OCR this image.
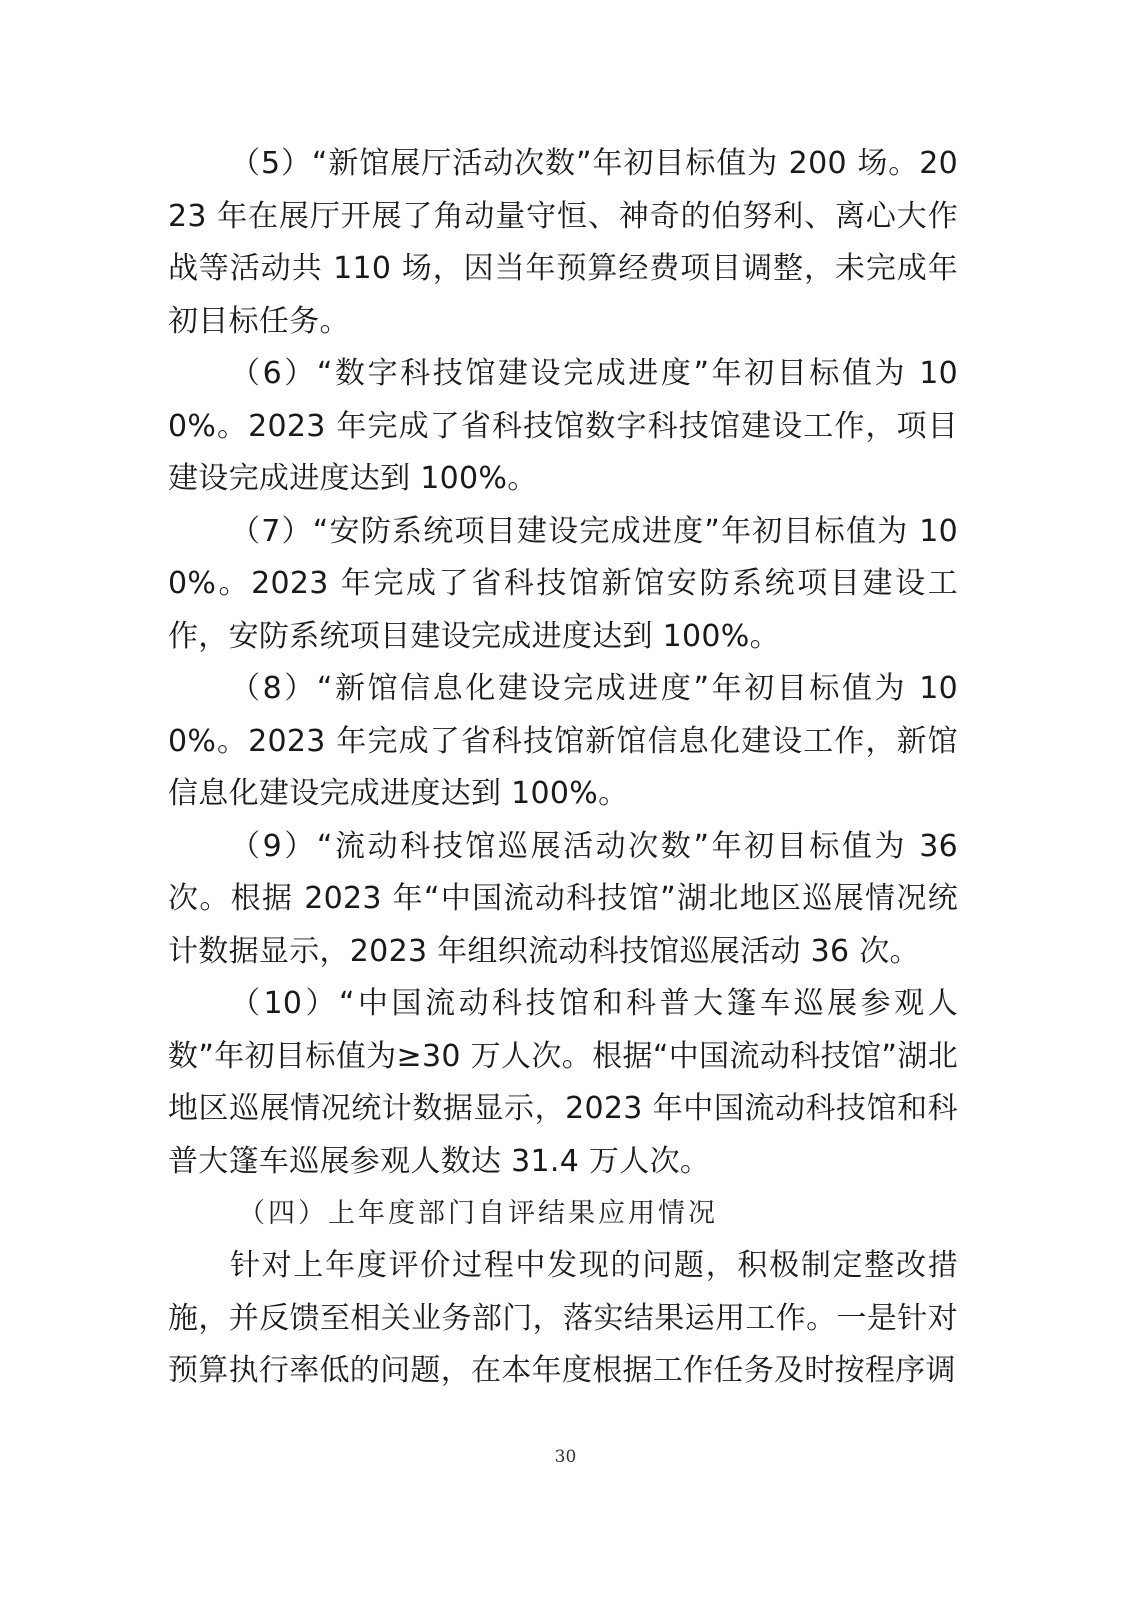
（5）“新馆展厅活动次数”年初目标值为 200 场。2023 年在展厅开展了角动量守恒、神奇的伯努利、离心大作战等活动共 110 场，因当年预算经费项目调整，未完成年初目标任务。

（6）“数字科技馆建设完成进度”年初目标值为 100%。2023 年完成了省科技馆数字科技馆建设工作，项目建设完成进度达到 100%。

（7）“安防系统项目建设完成进度”年初目标值为 100%。2023 年完成了省科技馆新馆安防系统项目建设工作，安防系统项目建设完成进度达到 100%。

（8）“新馆信息化建设完成进度”年初目标值为 100%。2023 年完成了省科技馆新馆信息化建设工作，新馆信息化建设完成进度达到 100%。

（9）“流动科技馆巡展活动次数”年初目标值为 36 次。根据 2023 年“中国流动科技馆”湖北地区巡展情况统计数据显示，2023 年组织流动科技馆巡展活动 36 次。

（10）“中国流动科技馆和科普大篷车巡展参观人数”年初目标值为≥30 万人次。根据“中国流动科技馆”湖北地区巡展情况统计数据显示，2023 年中国流动科技馆和科普大篷车巡展参观人数达 31.4 万人次。

（四）上年度部门自评结果应用情况

针对上年度评价过程中发现的问题，积极制定整改措施，并反馈至相关业务部门，落实结果运用工作。一是针对预算执行率低的问题，在本年度根据工作任务及时按程序调

30
